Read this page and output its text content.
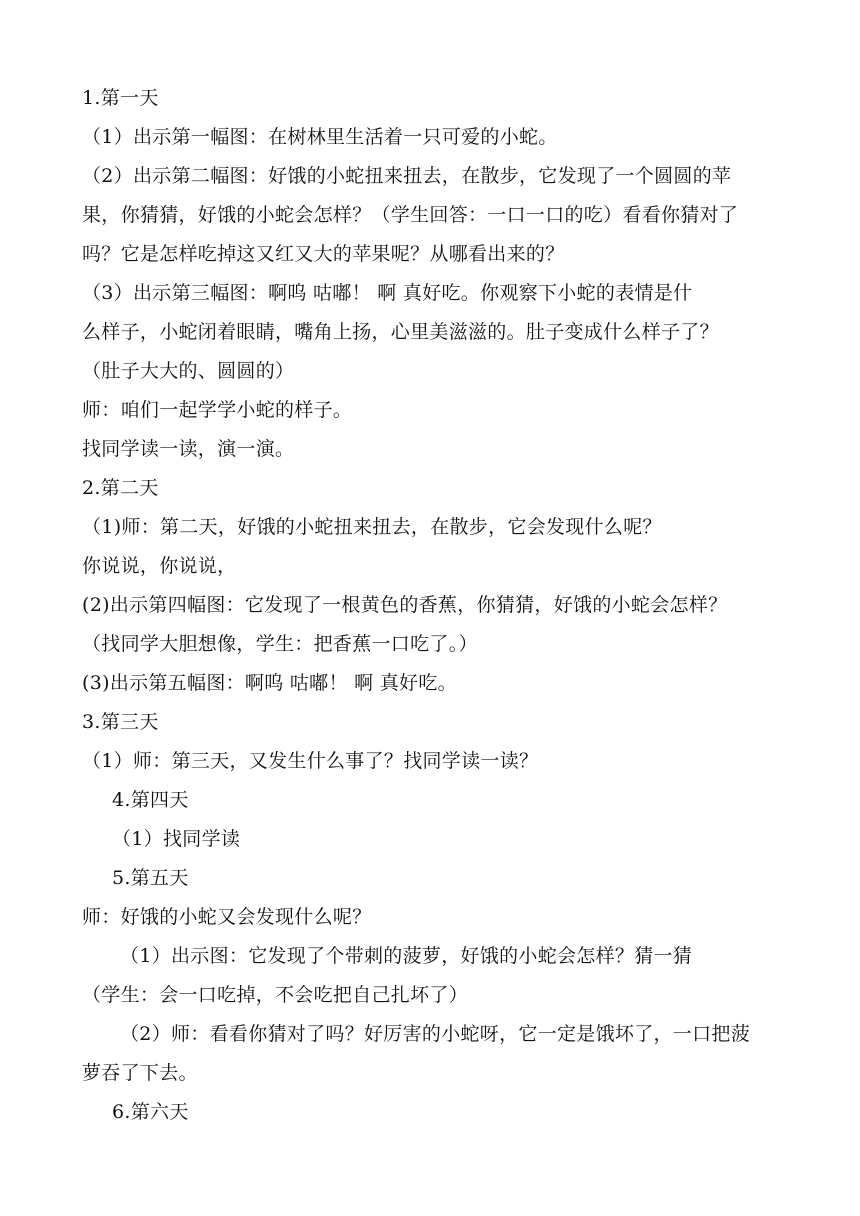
1.第一天
（1）出示第一幅图：在树林里生活着一只可爱的小蛇。
（2）出示第二幅图：好饿的小蛇扭来扭去，在散步，它发现了一个圆圆的苹
果，你猜猜，好饿的小蛇会怎样？（学生回答：一口一口的吃）看看你猜对了
吗？它是怎样吃掉这又红又大的苹果呢？从哪看出来的？
（3）出示第三幅图：啊呜 咕嘟！ 啊 真好吃。你观察下小蛇的表情是什
么样子，小蛇闭着眼睛，嘴角上扬，心里美滋滋的。肚子变成什么样子了？
（肚子大大的、圆圆的）
师：咱们一起学学小蛇的样子。
找同学读一读，演一演。
2.第二天
（1)师：第二天，好饿的小蛇扭来扭去，在散步，它会发现什么呢？
你说说，你说说，
(2)出示第四幅图：它发现了一根黄色的香蕉，你猜猜，好饿的小蛇会怎样？
（找同学大胆想像，学生：把香蕉一口吃了。）
(3)出示第五幅图：啊呜 咕嘟！ 啊 真好吃。
3.第三天
（1）师：第三天，又发生什么事了？找同学读一读？
4.第四天
（1）找同学读
5.第五天
师：好饿的小蛇又会发现什么呢？
（1）出示图：它发现了个带刺的菠萝，好饿的小蛇会怎样？猜一猜
（学生：会一口吃掉，不会吃把自己扎坏了）
（2）师：看看你猜对了吗？好厉害的小蛇呀，它一定是饿坏了，一口把菠
萝吞了下去。
6.第六天
